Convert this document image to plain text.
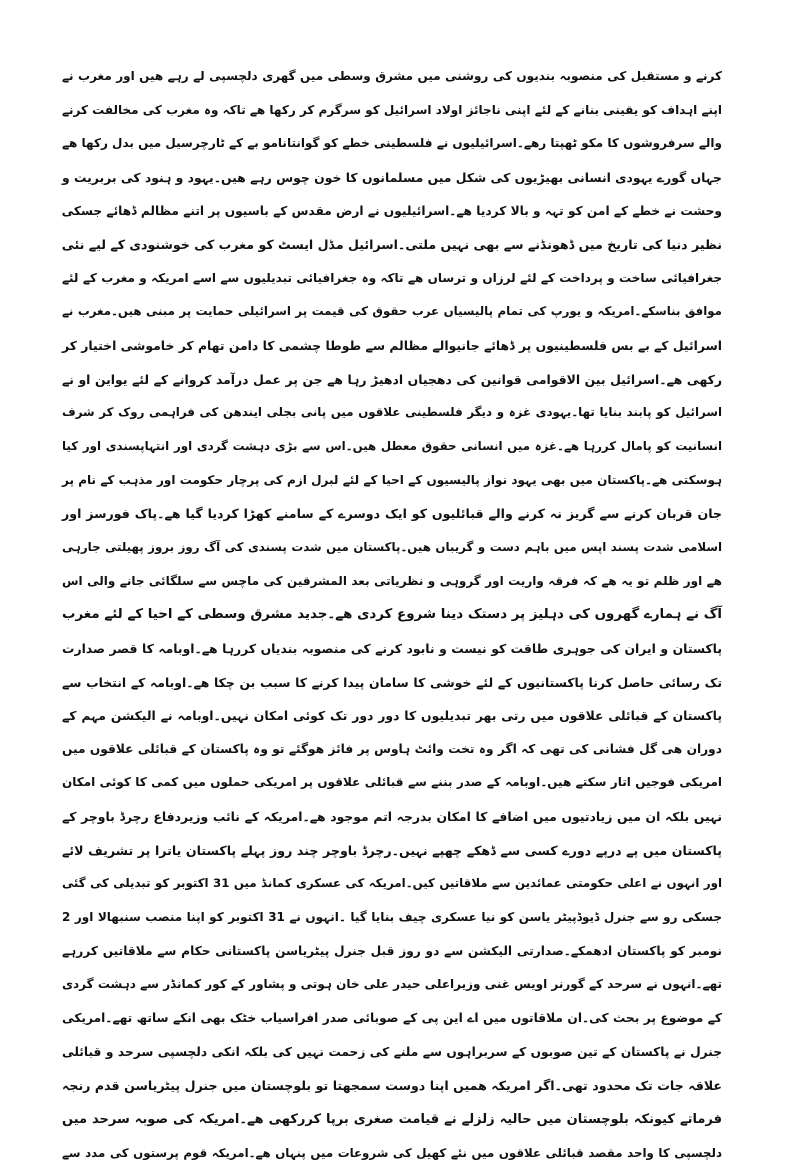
کرنے و مستقبل کی منصوبہ بندیوں کی روشنی میں مشرق وسطی میں گھری دلچسپی لے رہے ھیں اور مغرب نے
اپنے اہداف کو یقینی بنانے کے لئے اپنی ناجائز اولاد اسرائیل کو سرگرم کر رکھا ھے تاکہ وہ مغرب کی مخالفت کرنے
والے سرفروشوں کا مکو ٹھپتا رھے۔اسرائیلیوں نے فلسطینی خطے کو گوانتانامو بے کے ٹارچرسیل میں بدل رکھا ھے
جہاں گورے یہودی انسانی بھیڑیوں کی شکل میں مسلمانوں کا خون چوس رہے ھیں۔یہود و ہنود کی بربریت و
وحشت نے خطے کے امن کو تہہ و بالا کردیا ھے۔اسرائیلیوں نے ارض مقدس کے باسیوں پر اتنے مظالم ڈھائے جسکی
نظیر دنیا کی تاریخ میں ڈھونڈنے سے بھی نہیں ملتی۔اسرائیل مڈل ایسٹ کو مغرب کی خوشنودی کے لیے نئی
جغرافیائی ساخت و پرداخت کے لئے لرزاں و ترساں ھے تاکہ وہ جغرافیائی تبدیلیوں سے اسے امریکہ و مغرب کے لئے
موافق بناسکے۔امریکہ و یورپ کی تمام پالیسیاں عرب حقوق کی قیمت پر اسرائیلی حمایت پر مبنی ھیں۔مغرب نے
اسرائیل کے بے بس فلسطینیوں پر ڈھائے جانیوالے مظالم سے طوطا چشمی کا دامن تھام کر خاموشی اختیار کر
رکھی ھے۔اسرائیل بین الاقوامی قوانین کی دھجیاں ادھیڑ رہا ھے جن پر عمل درآمد کروانے کے لئے یواین او نے
اسرائیل کو پابند بنایا تھا۔یہودی غزہ و دیگر فلسطینی علاقوں میں پانی بجلی ایندھن کی فراہمی روک کر شرف
انسانیت کو پامال کررہا ھے۔غزہ میں انسانی حقوق معطل ھیں۔اس سے بڑی دہشت گردی اور انتہاپسندی اور کیا
ہوسکتی ھے۔پاکستان میں بھی یہود نواز پالیسیوں کے احیا کے لئے لبرل ازم کی پرچار حکومت اور مذہب کے نام پر
جان قربان کرنے سے گریز نہ کرنے والے قبائلیوں کو ایک دوسرے کے سامنے کھڑا کردیا گیا ھے۔پاک فورسز اور
اسلامی شدت پسند اپس میں باہم دست و گریباں ھیں۔پاکستان میں شدت پسندی کی آگ روز بروز پھیلتی جارہی
ھے اور ظلم تو یہ ھے کہ فرقہ واریت اور گروہی و نظریاتی بعد المشرقین کی ماچس سے سلگائی جانے والی اس
آگ نے ہمارے گھروں کی دہلیز پر دستک دینا شروع کردی ھے۔جدید مشرق وسطی کے احیا کے لئے مغرب
پاکستان و ایران کی جوہری طاقت کو نیست و نابود کرنے کی منصوبہ بندیاں کررہا ھے۔اوبامہ کا قصر صدارت
تک رسائی حاصل کرنا پاکستانیوں کے لئے خوشی کا سامان پیدا کرنے کا سبب بن چکا ھے۔اوبامہ کے انتخاب سے
پاکستان کے قبائلی علاقوں میں رتی بھر تبدیلیوں کا دور دور تک کوئی امکان نہیں۔اوبامہ نے الیکشن مہم کے
دوران ھی گل فشانی کی تھی کہ اگر وہ تخت وائٹ ہاوس پر فائز ھوگئے تو وہ پاکستان کے قبائلی علاقوں میں
امریکی فوجیں اتار سکتے ھیں۔اوبامہ کے صدر بننے سے قبائلی علاقوں پر امریکی حملوں میں کمی کا کوئی امکان
نہیں بلکہ ان میں زیادتیوں میں اضافے کا امکان بدرجہ اتم موجود ھے۔امریکہ کے نائب وزیردفاع رچرڈ باوچر کے
پاکستان میں پے درپے دورے کسی سے ڈھکے چھپے نہیں۔رچرڈ باوچر چند روز پہلے پاکستان یاترا پر تشریف لائے
اور انہوں نے اعلی حکومتی عمائدین سے ملاقاتیں کیں۔امریکہ کی عسکری کمانڈ میں 31 اکتوبر کو تبدیلی کی گئی
جسکی رو سے جنرل ڈیوڈپیٹر یاسن کو نیا عسکری چیف بنایا گیا ۔انہوں نے 31 اکتوبر کو اپنا منصب سنبھالا اور 2
نومبر کو پاکستان ادھمکے۔صدارتی الیکشن سے دو روز قبل جنرل پیٹریاسن پاکستانی حکام سے ملاقاتیں کررہے
تھے۔انہوں نے سرحد کے گورنر اویس غنی وزیراعلی حیدر علی خان ہوتی و پشاور کے کور کمانڈر سے دہشت گردی
کے موضوع پر بحث کی۔ان ملاقاتوں میں اے این پی کے صوبائی صدر افراسیاب خٹک بھی انکے ساتھ تھے۔امریکی
جنرل نے پاکستان کے تین صوبوں کے سربراہوں سے ملنے کی زحمت نہیں کی بلکہ انکی دلچسپی سرحد و قبائلی
علاقہ جات تک محدود تھی۔اگر امریکہ ھمیں اپنا دوست سمجھتا تو بلوچستان میں جنرل پیٹریاسن قدم رنجہ
فرماتے کیونکہ بلوچستان میں حالیہ زلزلے نے قیامت صغری برپا کررکھی ھے۔امریکہ کی صوبہ سرحد میں
دلچسپی کا واحد مقصد قبائلی علاقوں میں نئے کھیل کی شروعات میں پنہاں ھے۔امریکہ قوم پرستوں کی مدد سے
